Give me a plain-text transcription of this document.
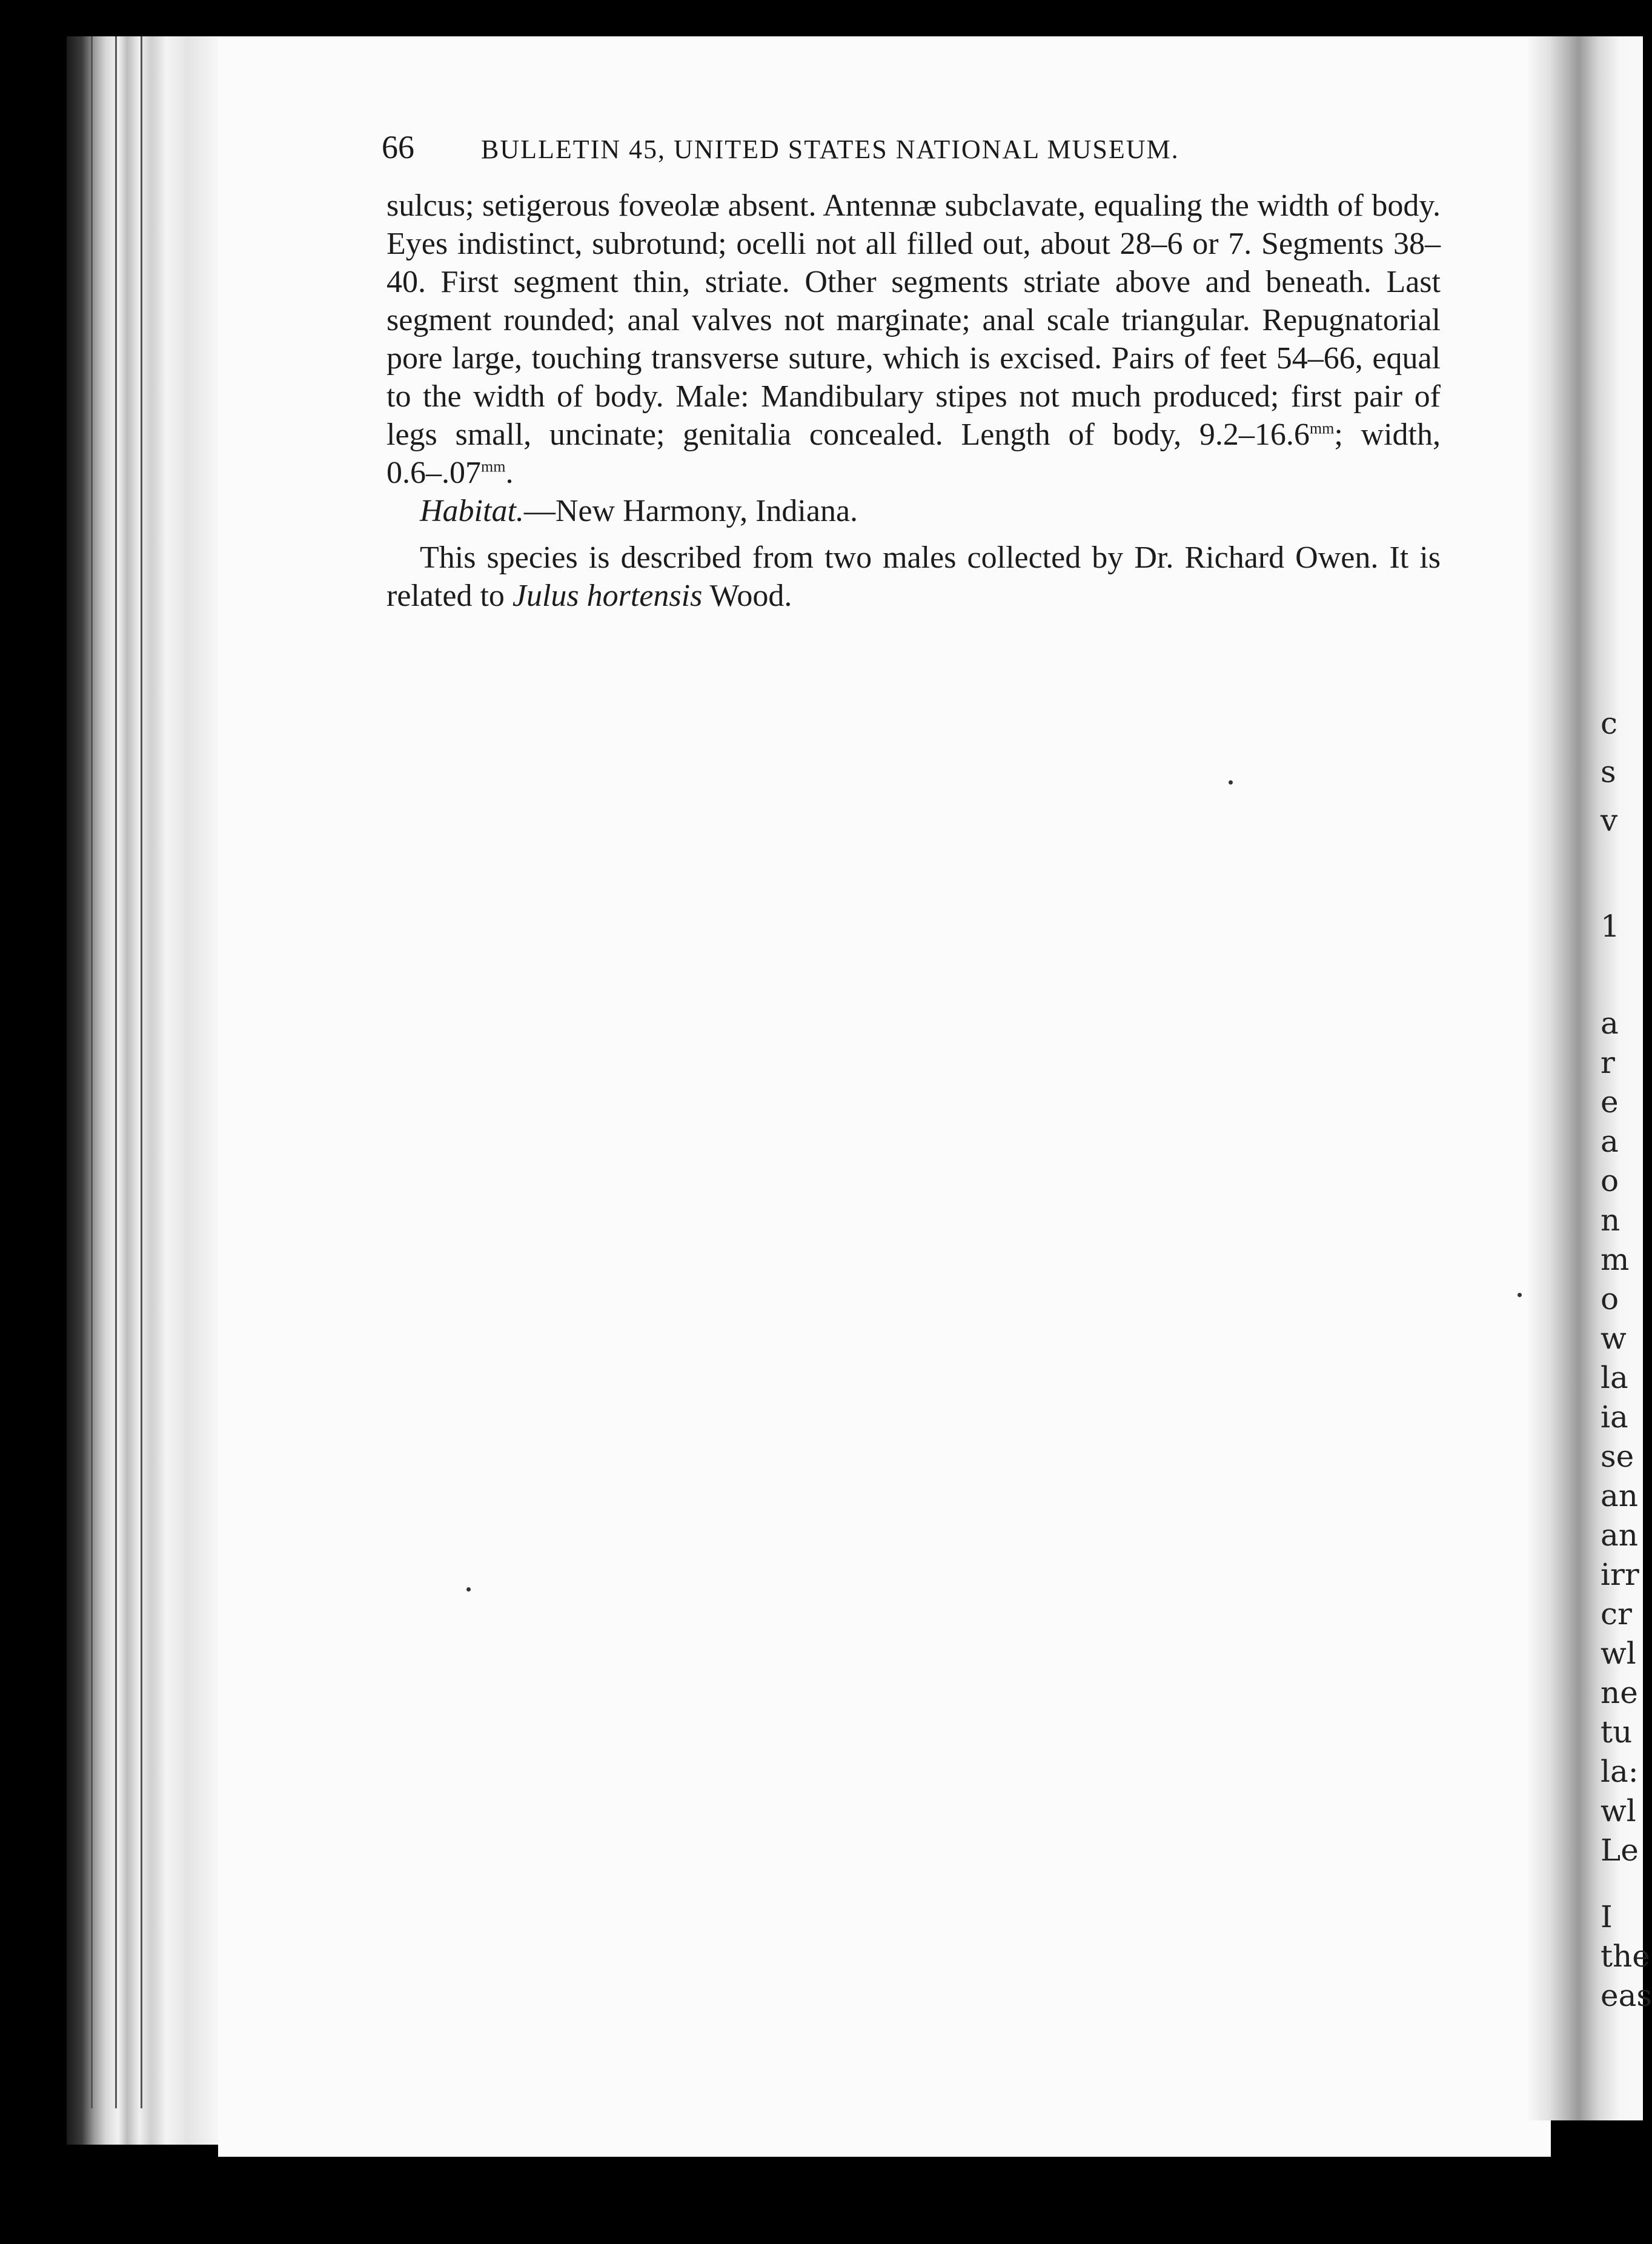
c
s
v
1
a
r
e
a
o
n
m
o
w
la
ia
se
an
an
irr
cr
wl
ne
tu
la:
wl
Le
I
the
eas
66	BULLETIN 45, UNITED STATES NATIONAL MUSEUM.

sulcus; setigerous foveolæ absent. Antennæ subclavate, equaling the width of body. Eyes indistinct, subrotund; ocelli not all filled out, about 28–6 or 7. Segments 38–40. First segment thin, striate. Other segments striate above and beneath. Last segment rounded; anal valves not marginate; anal scale triangular. Repugnatorial pore large, touching transverse suture, which is excised. Pairs of feet 54–66, equal to the width of body. Male: Mandibulary stipes not much produced; first pair of legs small, uncinate; genitalia concealed. Length of body, $9.2-16.6^{mm}$; width, $0.6-.07^{mm}$.

Habitat.—New Harmony, Indiana.

This species is described from two males collected by Dr. Richard Owen. It is related to Julus hortensis Wood.
